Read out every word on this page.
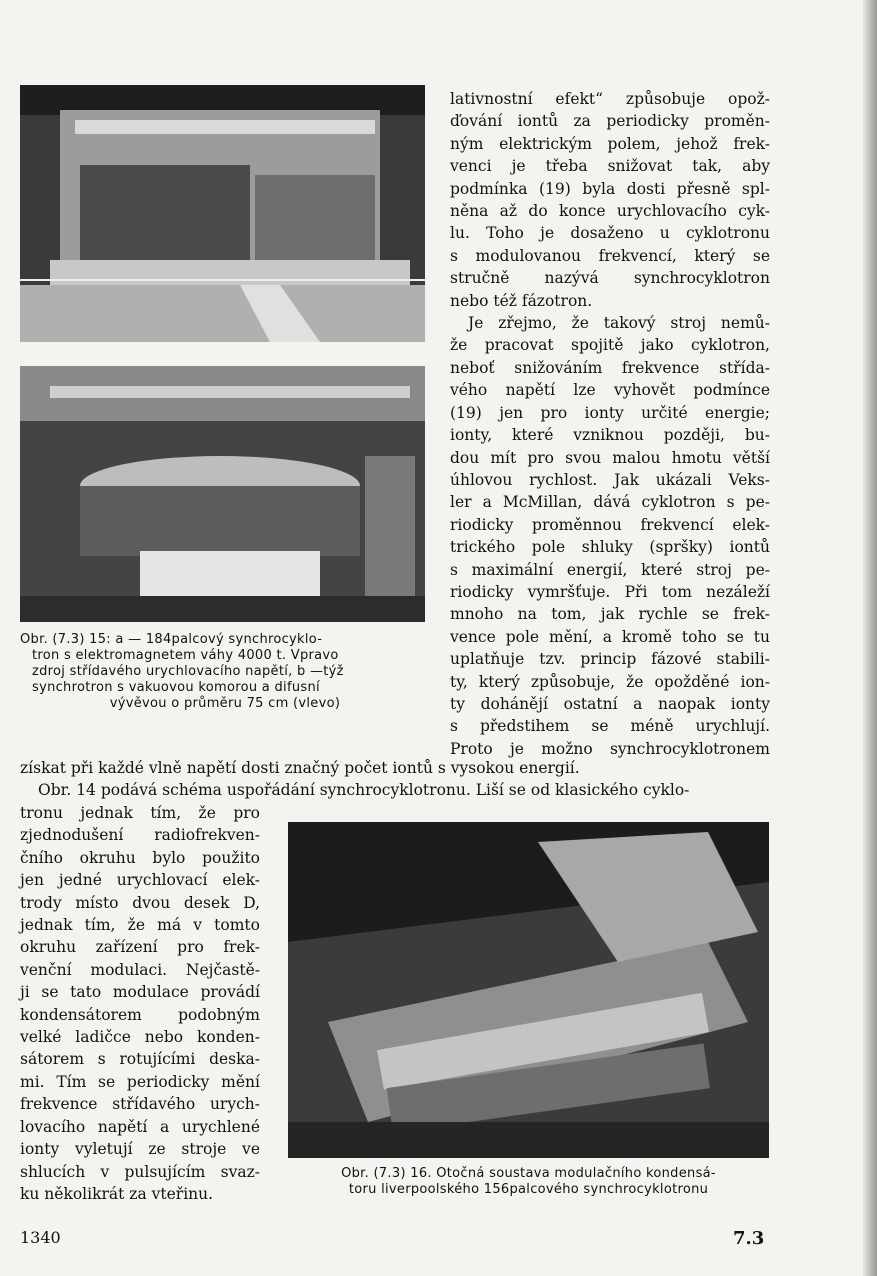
Obr. (7.3) 15: a — 184palcový synchrocyklo-
tron s elektromagnetem váhy 4000 t. Vpravo
zdroj střídavého urychlovacího napětí, b —týž
synchrotron s vakuovou komorou a difusní
vývěvou o průměru 75 cm (vlevo)
lativnostní efekt“ způsobuje opož-
ďování iontů za periodicky proměn-
ným elektrickým polem, jehož frek-
venci je třeba snižovat tak, aby
podmínka (19) byla dosti přesně spl-
něna až do konce urychlovacího cyk-
lu. Toho je dosaženo u cyklotronu
s modulovanou frekvencí, který se
stručně nazývá synchrocyklotron
nebo též fázotron.
Je zřejmo, že takový stroj nemů-
že pracovat spojitě jako cyklotron,
neboť snižováním frekvence střída-
vého napětí lze vyhovět podmínce
(19) jen pro ionty určité energie;
ionty, které vzniknou později, bu-
dou mít pro svou malou hmotu větší
úhlovou rychlost. Jak ukázali Veks-
ler a McMillan, dává cyklotron s pe-
riodicky proměnnou frekvencí elek-
trického pole shluky (spršky) iontů
s maximální energií, které stroj pe-
riodicky vymršťuje. Při tom nezáleží
mnoho na tom, jak rychle se frek-
vence pole mění, a kromě toho se tu
uplatňuje tzv. princip fázové stabili-
ty, který způsobuje, že opožděné ion-
ty dohánějí ostatní a naopak ionty
s předstihem se méně urychlují.
Proto je možno synchrocyklotronem
získat při každé vlně napětí dosti značný počet iontů s vysokou energií.
Obr. 14 podává schéma uspořádání synchrocyklotronu. Liší se od klasického cyklo-
tronu jednak tím, že pro
zjednodušení radiofrekven-
čního okruhu bylo použito
jen jedné urychlovací elek-
trody místo dvou desek D,
jednak tím, že má v tomto
okruhu zařízení pro frek-
venční modulaci. Nejčastě-
ji se tato modulace provádí
kondensátorem podobným
velké ladičce nebo konden-
sátorem s rotujícími deska-
mi. Tím se periodicky mění
frekvence střídavého urych-
lovacího napětí a urychlené
ionty vyletují ze stroje ve
shlucích v pulsujícím svaz-
ku několikrát za vteřinu.
Obr. (7.3) 16. Otočná soustava modulačního kondensá-
toru liverpoolského 156palcového synchrocyklotronu
1340	7.3
